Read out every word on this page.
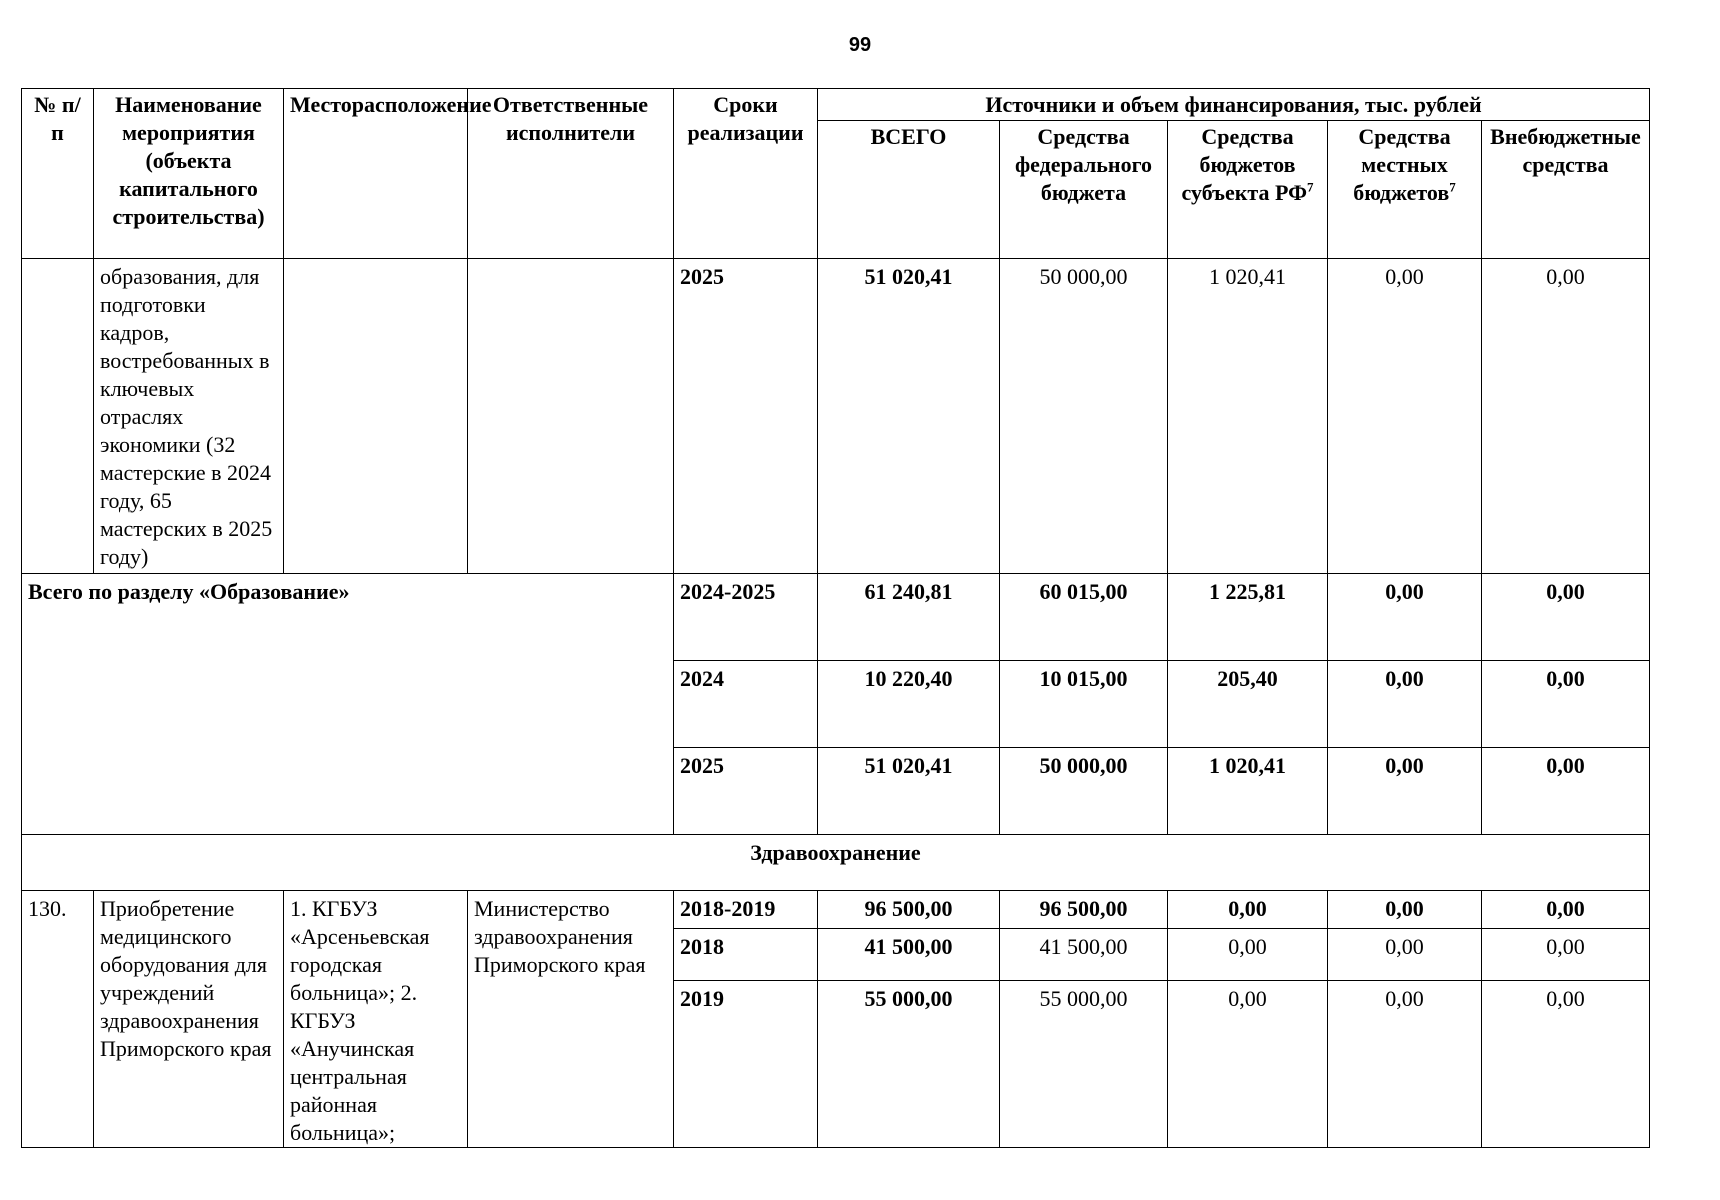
99
№ п/п	Наименование мероприятия (объекта капитального строительства)	Месторасположение	Ответственные исполнители	Сроки реализации	Источники и объем финансирования, тыс. рублей				
					ВСЕГО	Средства федерального бюджета	Средства бюджетов субъекта $РФ^7$	Средства местных бюджетов$^7$	Внебюджетные средства
	образования, для подготовки кадров, востребованных в ключевых отраслях экономики (32 мастерские в 2024 году, 65 мастерских в 2025 году)			2025	51 020,41	50 000,00	1 020,41	0,00	0,00
Всего по разделу «Образование»				2024-2025	61 240,81	60 015,00	1 225,81	0,00	0,00
				2024	10 220,40	10 015,00	205,40	0,00	0,00
				2025	51 020,41	50 000,00	1 020,41	0,00	0,00
Здравоохранение									
130.	Приобретение медицинского оборудования для учреждений здравоохранения Приморского края	1. КГБУЗ «Арсеньевская городская больница»; 2. КГБУЗ «Анучинская центральная районная больница»;	Министерство здравоохранения Приморского края	2018-2019	96 500,00	96 500,00	0,00	0,00	0,00
				2018	41 500,00	41 500,00	0,00	0,00	0,00
				2019	55 000,00	55 000,00	0,00	0,00	0,00
